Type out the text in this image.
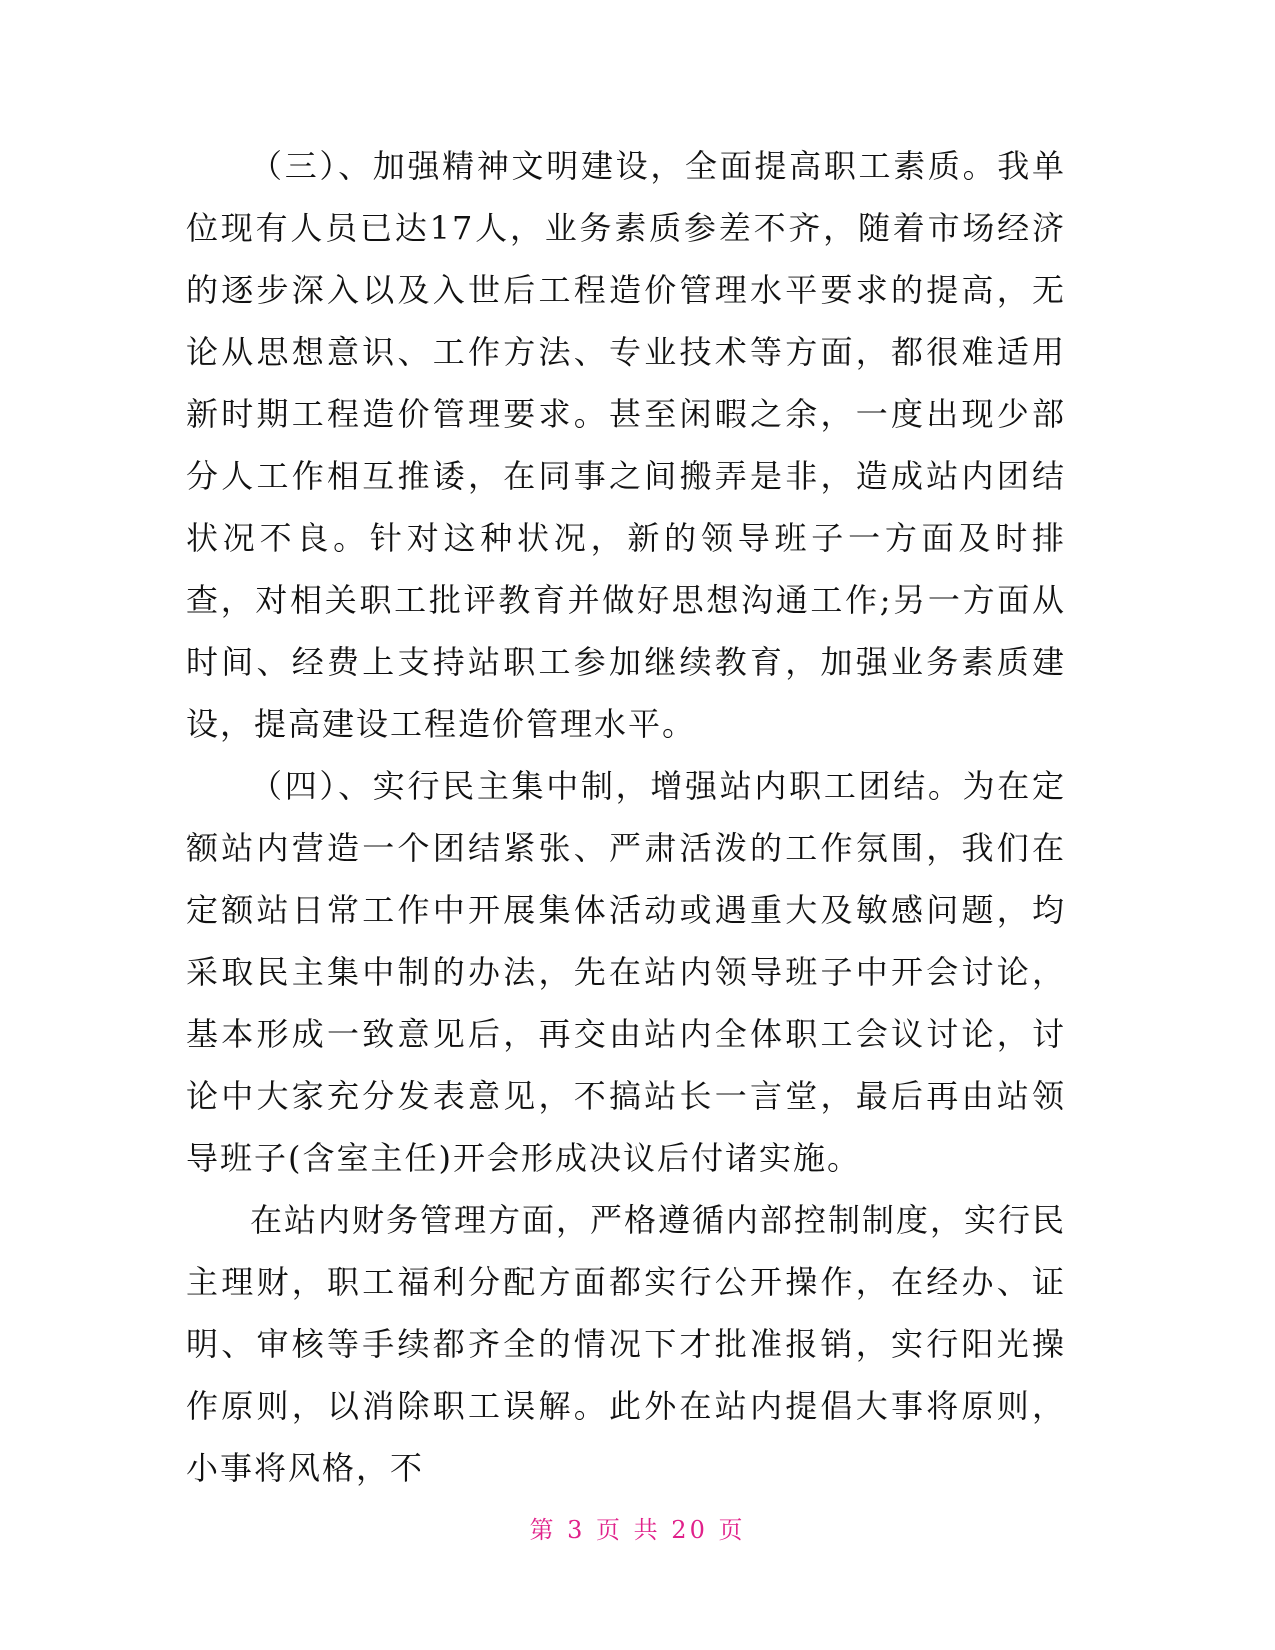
（三）、加强精神文明建设，全面提高职工素质。我单位现有人员已达17人，业务素质参差不齐，随着市场经济的逐步深入以及入世后工程造价管理水平要求的提高，无论从思想意识、工作方法、专业技术等方面，都很难适用新时期工程造价管理要求。甚至闲暇之余，一度出现少部分人工作相互推诿，在同事之间搬弄是非，造成站内团结状况不良。针对这种状况，新的领导班子一方面及时排查，对相关职工批评教育并做好思想沟通工作;另一方面从时间、经费上支持站职工参加继续教育，加强业务素质建设，提高建设工程造价管理水平。

（四）、实行民主集中制，增强站内职工团结。为在定额站内营造一个团结紧张、严肃活泼的工作氛围，我们在定额站日常工作中开展集体活动或遇重大及敏感问题，均采取民主集中制的办法，先在站内领导班子中开会讨论，基本形成一致意见后，再交由站内全体职工会议讨论，讨论中大家充分发表意见，不搞站长一言堂，最后再由站领导班子(含室主任)开会形成决议后付诸实施。

在站内财务管理方面，严格遵循内部控制制度，实行民主理财，职工福利分配方面都实行公开操作，在经办、证明、审核等手续都齐全的情况下才批准报销，实行阳光操作原则，以消除职工误解。此外在站内提倡大事将原则，小事将风格，不

第 3 页 共 20 页
